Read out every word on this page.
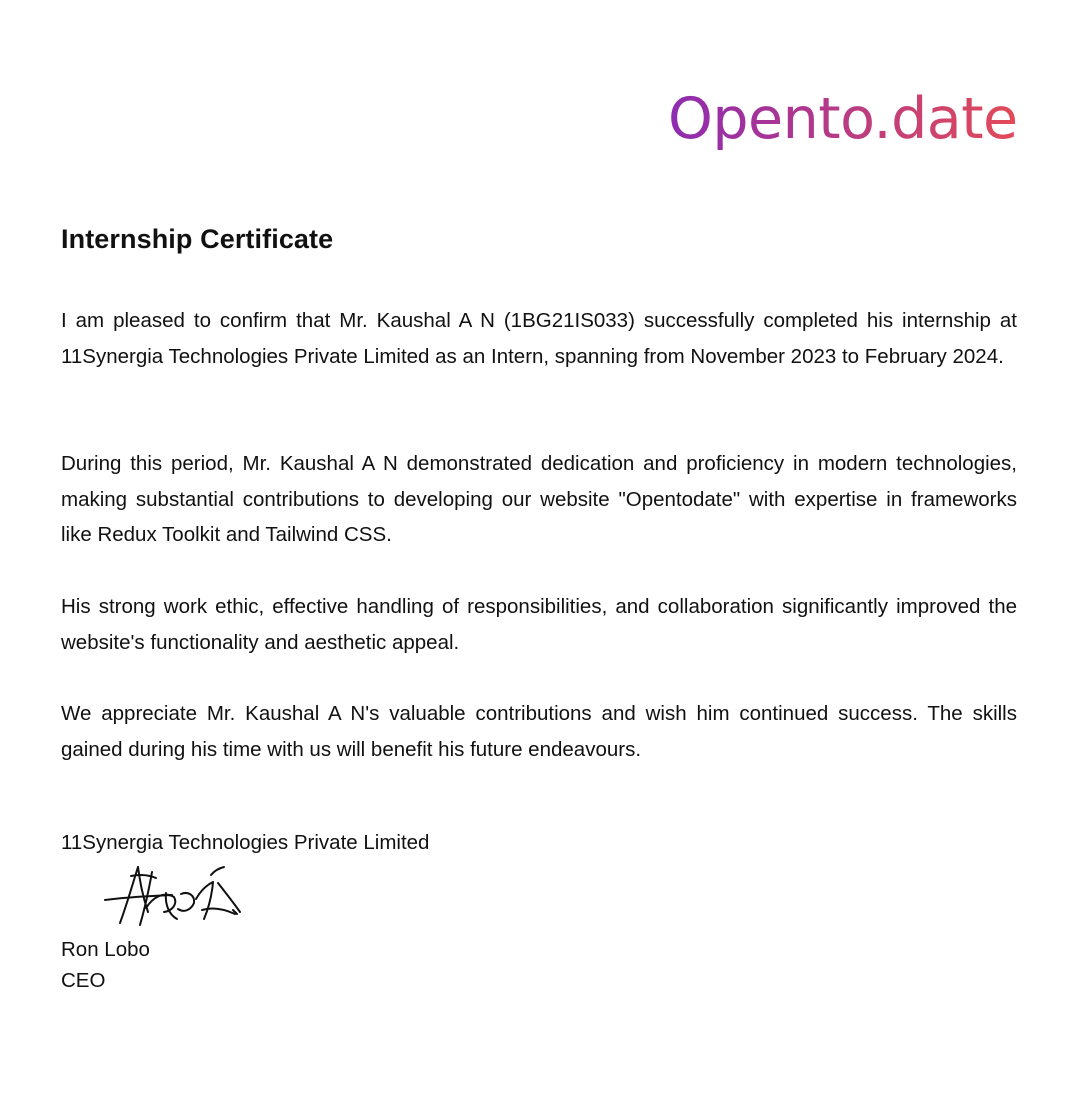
Opento.date
Internship Certificate

I am pleased to confirm that Mr. Kaushal A N (1BG21IS033) successfully completed his internship at 11Synergia Technologies Private Limited as an Intern, spanning from November 2023 to February 2024.

During this period, Mr. Kaushal A N demonstrated dedication and proficiency in modern technologies, making substantial contributions to developing our website "Opentodate" with expertise in frameworks like Redux Toolkit and Tailwind CSS.

His strong work ethic, effective handling of responsibilities, and collaboration significantly improved the website's functionality and aesthetic appeal.

We appreciate Mr. Kaushal A N's valuable contributions and wish him continued success. The skills gained during his time with us will benefit his future endeavours.

11Synergia Technologies Private Limited
Ron Lobo
CEO
